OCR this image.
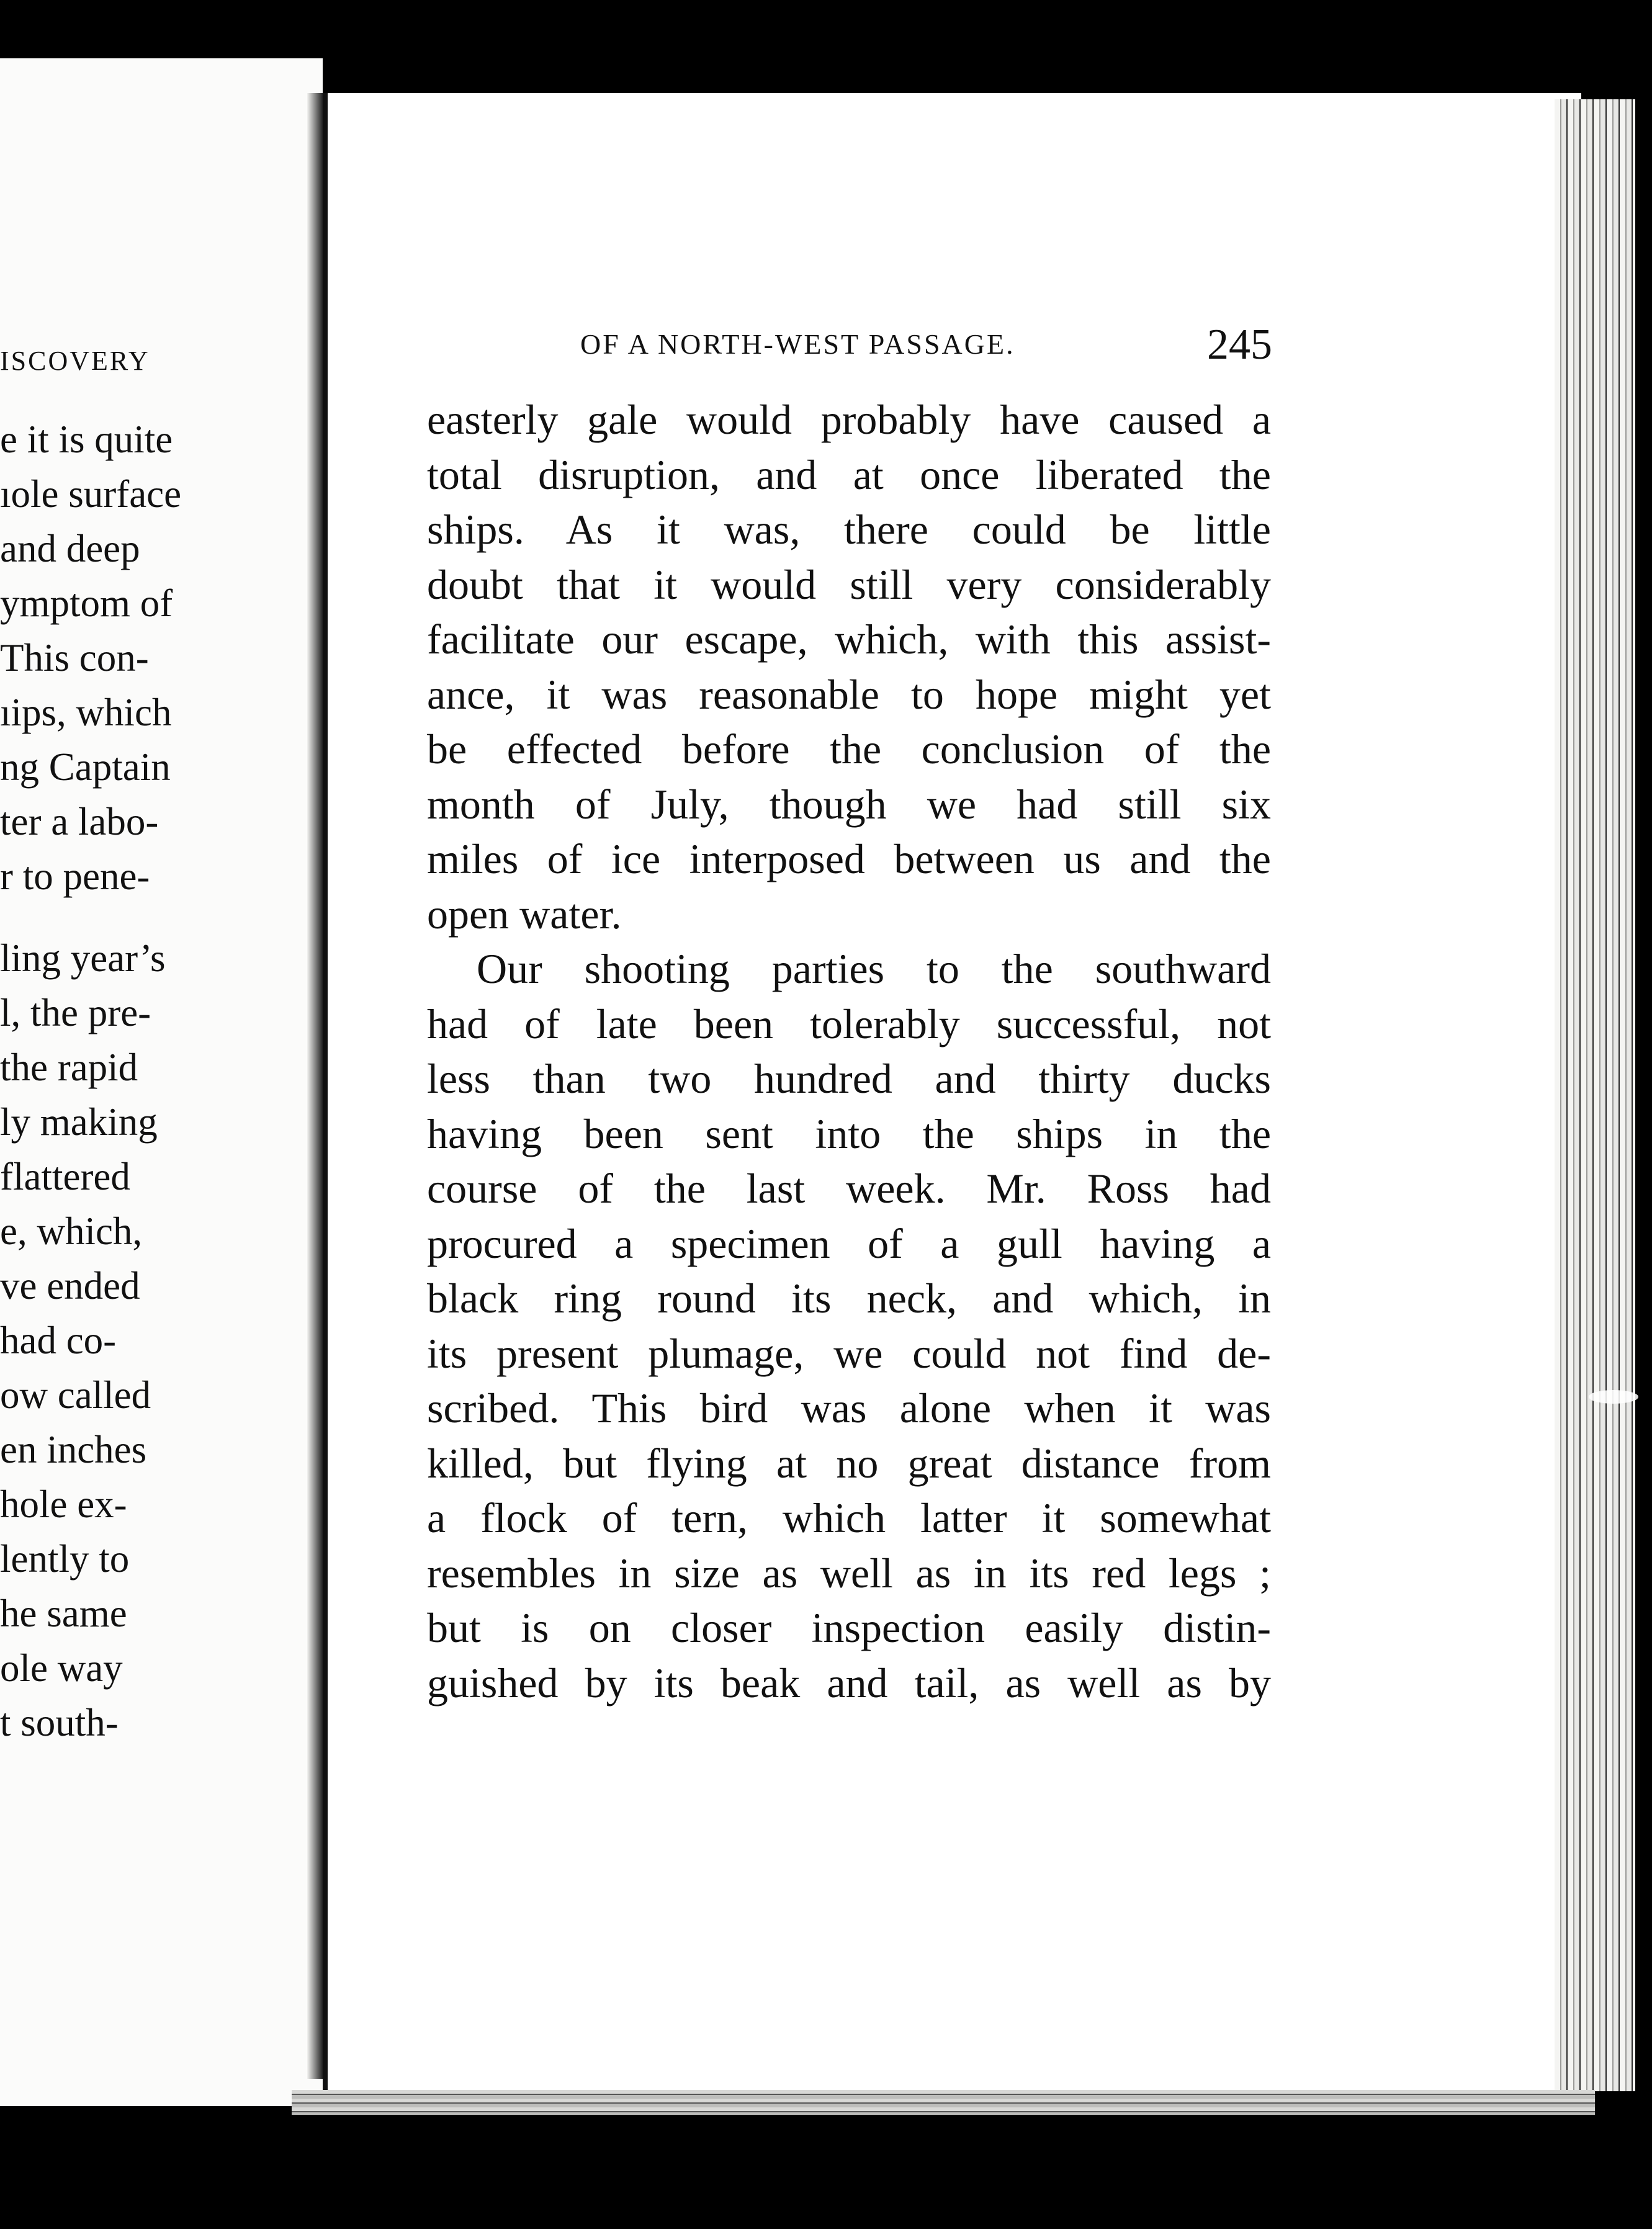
ISCOVERY
e it is quite
ıole surface
and deep
ymptom of
This con-
ıips, which
ng Captain
ter a labo-
r to pene-
ling year’s
l, the pre-
the rapid
ly making
flattered
e, which,
ve ended
had co-
ow called
en inches
hole ex-
lently to
he same
ole way
t south-
OF A NORTH-WEST PASSAGE.	245
easterly gale would probably have caused a
total disruption, and at once liberated the
ships. As it was, there could be little
doubt that it would still very considerably
facilitate our escape, which, with this assist-
ance, it was reasonable to hope might yet
be effected before the conclusion of the
month of July, though we had still six
miles of ice interposed between us and the
open water.
Our shooting parties to the southward
had of late been tolerably successful, not
less than two hundred and thirty ducks
having been sent into the ships in the
course of the last week. Mr. Ross had
procured a specimen of a gull having a
black ring round its neck, and which, in
its present plumage, we could not find de-
scribed. This bird was alone when it was
killed, but flying at no great distance from
a flock of tern, which latter it somewhat
resembles in size as well as in its red legs ;
but is on closer inspection easily distin-
guished by its beak and tail, as well as by
